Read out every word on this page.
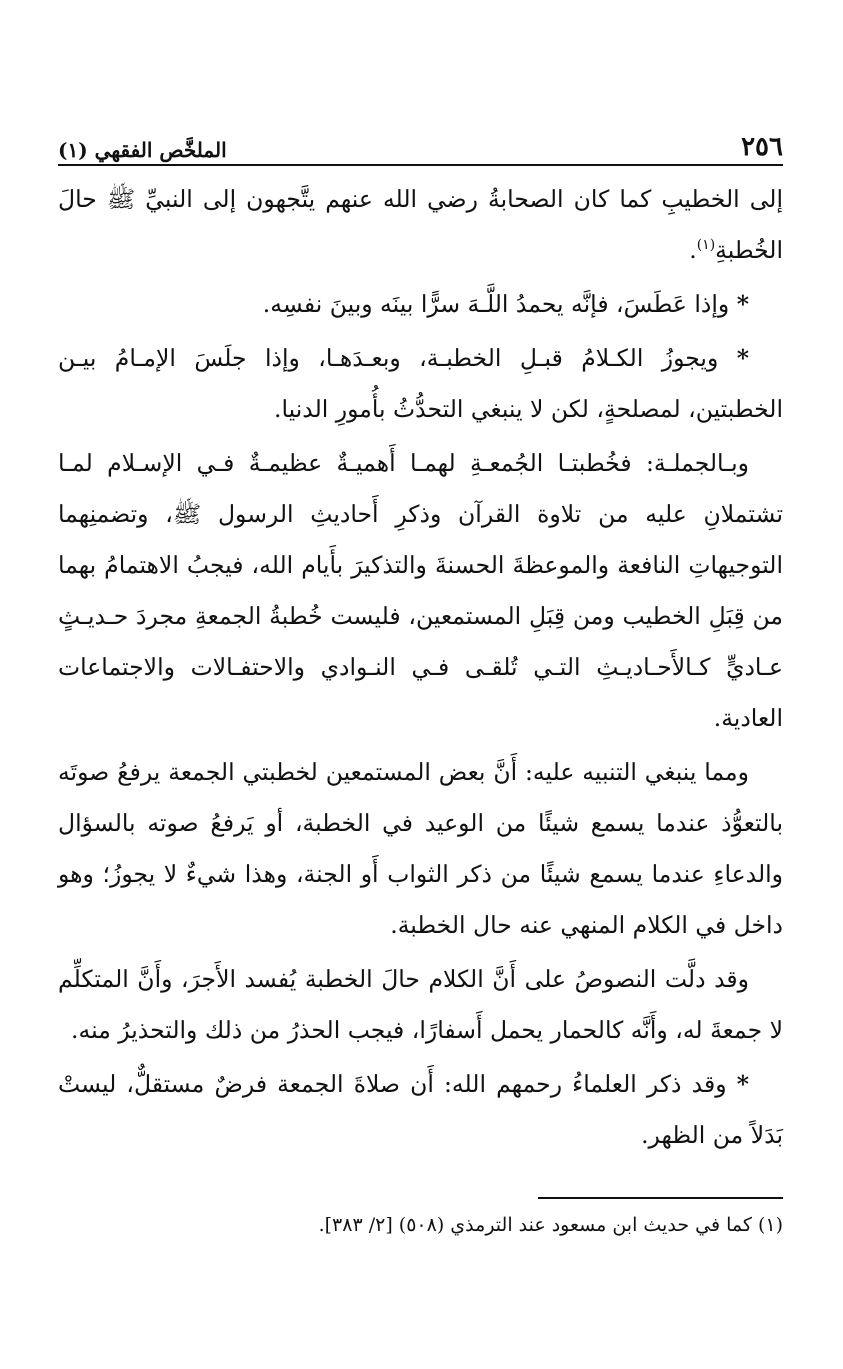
٢٥٦
الملخَّص الفقهي (١)

إلى الخطيبِ كما كان الصحابةُ رضي الله عنهم يتَّجهون إلى النبيِّ ﷺ حالَ الخُطبةِ$^{(١)}$.

* وإذا عَطَسَ، فإنَّه يحمدُ اللَّـهَ سرًّا بينَه وبينَ نفسِه.

* ويجوزُ الكـلامُ قبـلِ الخطبـة، وبعـدَهـا، وإذا جلَسَ الإمـامُ بيـن الخطبتين، لمصلحةٍ، لكن لا ينبغي التحدُّثُ بأُمورِ الدنيا.

وبـالجملـة: فخُطبتـا الجُمعـةِ لهمـا أَهميـةٌ عظيمـةٌ فـي الإسـلام لمـا تشتملانِ عليه من تلاوة القرآن وذكرِ أَحاديثِ الرسول ﷺ، وتضمنِهما التوجيهاتِ النافعة والموعظةَ الحسنةَ والتذكيرَ بأَيام الله، فيجبُ الاهتمامُ بهما من قِبَلِ الخطيب ومن قِبَلِ المستمعين، فليست خُطبةُ الجمعةِ مجردَ حـديـثٍ عـاديٍّ كـالأَحـاديـثِ التـي تُلقـى فـي النـوادي والاحتفـالات والاجتماعات العادية.

ومما ينبغي التنبيه عليه: أَنَّ بعض المستمعين لخطبتي الجمعة يرفعُ صوتَه بالتعوُّذ عندما يسمع شيئًا من الوعيد في الخطبة، أو يَرفعُ صوته بالسؤال والدعاءِ عندما يسمع شيئًا من ذكر الثواب أَو الجنة، وهذا شيءٌ لا يجوزُ؛ وهو داخل في الكلام المنهي عنه حال الخطبة.

وقد دلَّت النصوصُ على أَنَّ الكلام حالَ الخطبة يُفسد الأَجرَ، وأَنَّ المتكلِّم لا جمعةَ له، وأَنَّه كالحمار يحمل أَسفارًا، فيجب الحذرُ من ذلك والتحذيرُ منه.

* وقد ذكر العلماءُ رحمهم الله: أَن صلاةَ الجمعة فرضٌ مستقلٌّ، ليستْ بَدَلاً من الظهر.

(١) كما في حديث ابن مسعود عند الترمذي (٥٠٨) [٢/ ٣٨٣].
